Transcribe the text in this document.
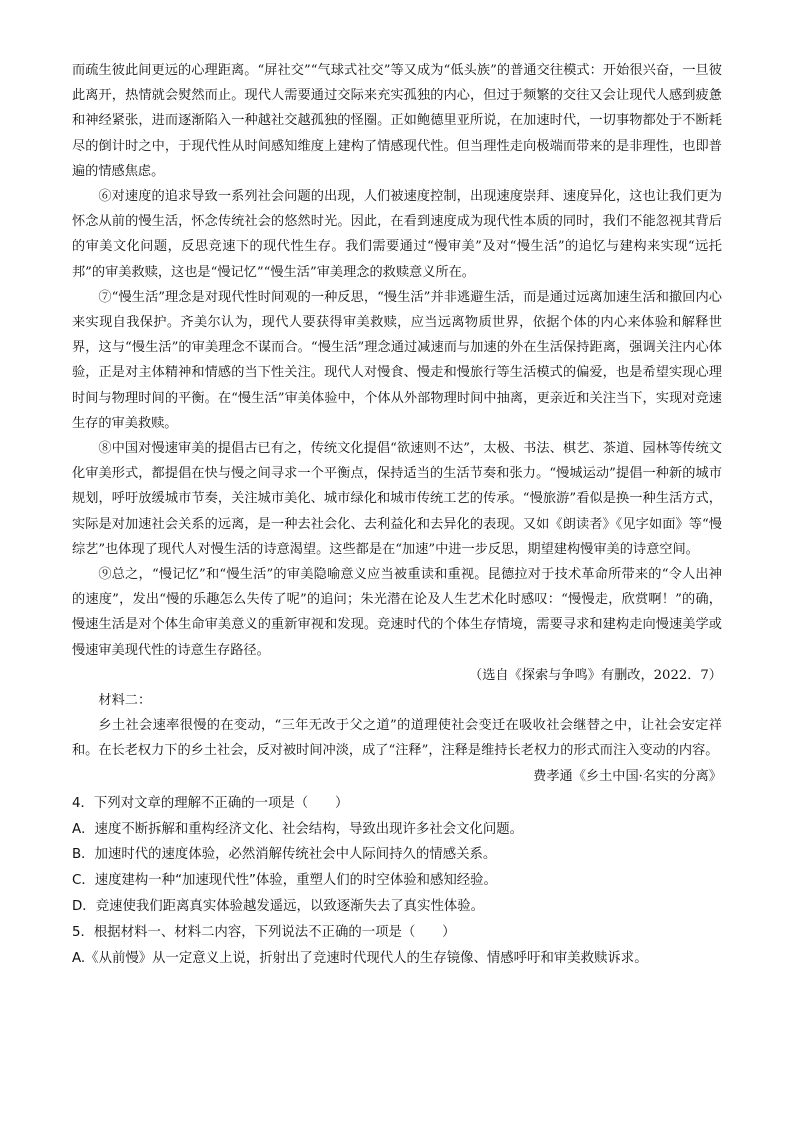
而疏生彼此间更远的心理距离。“屏社交”“气球式社交”等又成为“低头族”的普通交往模式：开始很兴奋，一旦彼此离开，热情就会熨然而止。现代人需要通过交际来充实孤独的内心，但过于频繁的交往又会让现代人感到疲惫和神经紧张，进而逐渐陷入一种越社交越孤独的怪圈。正如鲍德里亚所说，在加速时代，一切事物都处于不断耗尽的倒计时之中，于现代性从时间感知维度上建构了情感现代性。但当理性走向极端而带来的是非理性，也即普遍的情感焦虑。

⑥对速度的追求导致一系列社会问题的出现，人们被速度控制，出现速度崇拜、速度异化，这也让我们更为怀念从前的慢生活，怀念传统社会的悠然时光。因此，在看到速度成为现代性本质的同时，我们不能忽视其背后的审美文化问题，反思竞速下的现代性生存。我们需要通过“慢审美”及对“慢生活”的追忆与建构来实现“远托邦”的审美救赎，这也是“慢记忆”“慢生活”审美理念的救赎意义所在。

⑦“慢生活”理念是对现代性时间观的一种反思，“慢生活”并非逃避生活，而是通过远离加速生活和撤回内心来实现自我保护。齐美尔认为，现代人要获得审美救赎，应当远离物质世界，依据个体的内心来体验和解释世界，这与“慢生活”的审美理念不谋而合。“慢生活”理念通过减速而与加速的外在生活保持距离，强调关注内心体验，正是对主体精神和情感的当下性关注。现代人对慢食、慢走和慢旅行等生活模式的偏爱，也是希望实现心理时间与物理时间的平衡。在“慢生活”审美体验中，个体从外部物理时间中抽离，更亲近和关注当下，实现对竞速生存的审美救赎。

⑧中国对慢速审美的提倡古已有之，传统文化提倡“欲速则不达”，太极、书法、棋艺、茶道、园林等传统文化审美形式，都提倡在快与慢之间寻求一个平衡点，保持适当的生活节奏和张力。“慢城运动”提倡一种新的城市规划，呼吁放缓城市节奏，关注城市美化、城市绿化和城市传统工艺的传承。“慢旅游”看似是换一种生活方式，实际是对加速社会关系的远离，是一种去社会化、去利益化和去异化的表现。又如《朗读者》《见字如面》等“慢综艺”也体现了现代人对慢生活的诗意渴望。这些都是在“加速”中进一步反思，期望建构慢审美的诗意空间。

⑨总之，“慢记忆”和“慢生活”的审美隐喻意义应当被重读和重视。昆德拉对于技术革命所带来的“令人出神的速度”，发出“慢的乐趣怎么失传了呢”的追问；朱光潜在论及人生艺术化时感叹：“慢慢走，欣赏啊！”的确，慢速生活是对个体生命审美意义的重新审视和发现。竞速时代的个体生存情境，需要寻求和建构走向慢速美学或慢速审美现代性的诗意生存路径。

（选自《探索与争鸣》有删改，2022．7）

材料二：

乡土社会速率很慢的在变动，“三年无改于父之道”的道理使社会变迁在吸收社会继替之中，让社会安定祥和。在长老权力下的乡土社会，反对被时间冲淡，成了“注释”，注释是维持长老权力的形式而注入变动的内容。

费孝通《乡土中国·名实的分离》

4．下列对文章的理解不正确的一项是（　　）

A．速度不断拆解和重构经济文化、社会结构，导致出现许多社会文化问题。

B．加速时代的速度体验，必然消解传统社会中人际间持久的情感关系。

C．速度建构一种“加速现代性”体验，重塑人们的时空体验和感知经验。

D．竞速使我们距离真实体验越发遥远，以致逐渐失去了真实性体验。

5．根据材料一、材料二内容，下列说法不正确的一项是（　　）

A.《从前慢》从一定意义上说，折射出了竞速时代现代人的生存镜像、情感呼吁和审美救赎诉求。
